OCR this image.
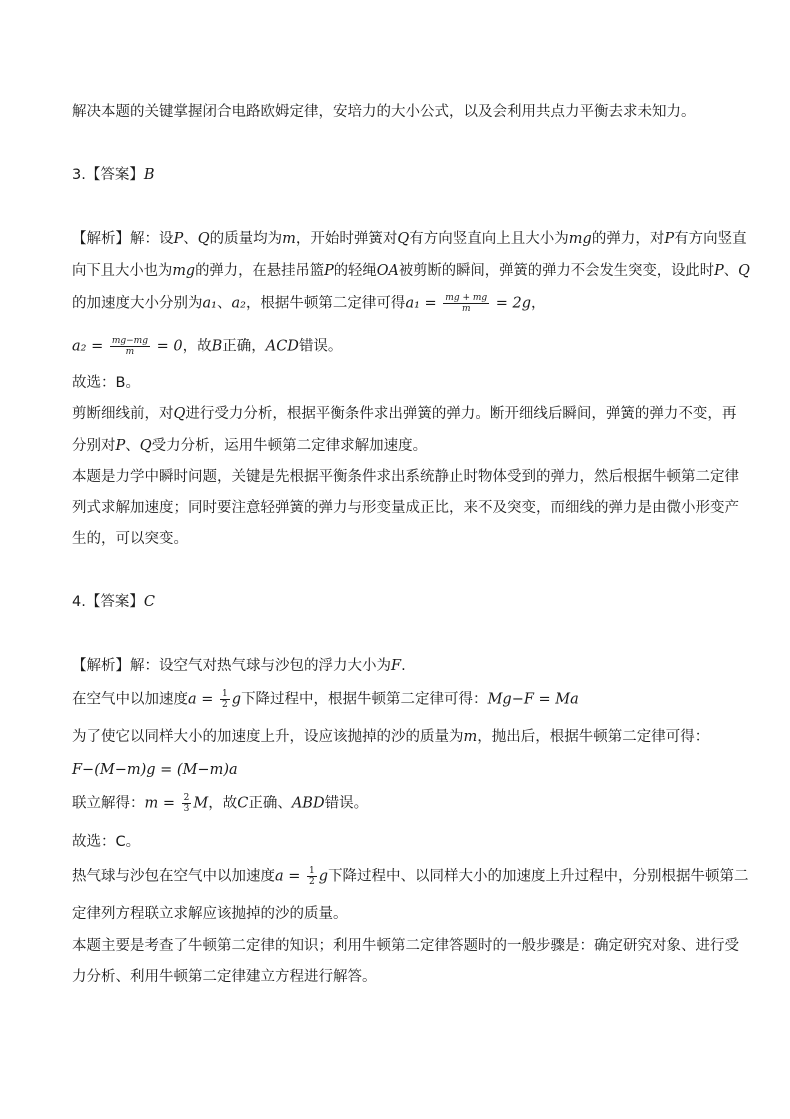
解决本题的关键掌握闭合电路欧姆定律，安培力的大小公式，以及会利用共点力平衡去求未知力。
3.【答案】B
【解析】解：设P、Q的质量均为m，开始时弹簧对Q有方向竖直向上且大小为mg的弹力，对P有方向竖直
向下且大小也为mg的弹力，在悬挂吊篮P的轻绳OA被剪断的瞬间，弹簧的弹力不会发生突变，设此时P、Q
的加速度大小分别为a₁、a₂，根据牛顿第二定律可得$a_1 = \frac{mg + mg}{m} = 2g$，
$a_2 = \frac{mg-mg}{m} = 0$，故B正确，ACD错误。
故选：B。
剪断细线前，对Q进行受力分析，根据平衡条件求出弹簧的弹力。断开细线后瞬间，弹簧的弹力不变，再
分别对P、Q受力分析，运用牛顿第二定律求解加速度。
本题是力学中瞬时问题，关键是先根据平衡条件求出系统静止时物体受到的弹力，然后根据牛顿第二定律
列式求解加速度；同时要注意轻弹簧的弹力与形变量成正比，来不及突变，而细线的弹力是由微小形变产
生的，可以突变。
4.【答案】C
【解析】解：设空气对热气球与沙包的浮力大小为F.
在空气中以加速度$a = \frac{1}{2}$ g下降过程中，根据牛顿第二定律可得：Mg−F = Ma
为了使它以同样大小的加速度上升，设应该抛掉的沙的质量为m，抛出后，根据牛顿第二定律可得：
F−(M−m)g = (M−m)a
联立解得：$m = \frac{2}{3}$ M，故C正确、ABD错误。
故选：C。
热气球与沙包在空气中以加速度$a = \frac{1}{2}$ g下降过程中、以同样大小的加速度上升过程中，分别根据牛顿第二
定律列方程联立求解应该抛掉的沙的质量。
本题主要是考查了牛顿第二定律的知识；利用牛顿第二定律答题时的一般步骤是：确定研究对象、进行受
力分析、利用牛顿第二定律建立方程进行解答。
